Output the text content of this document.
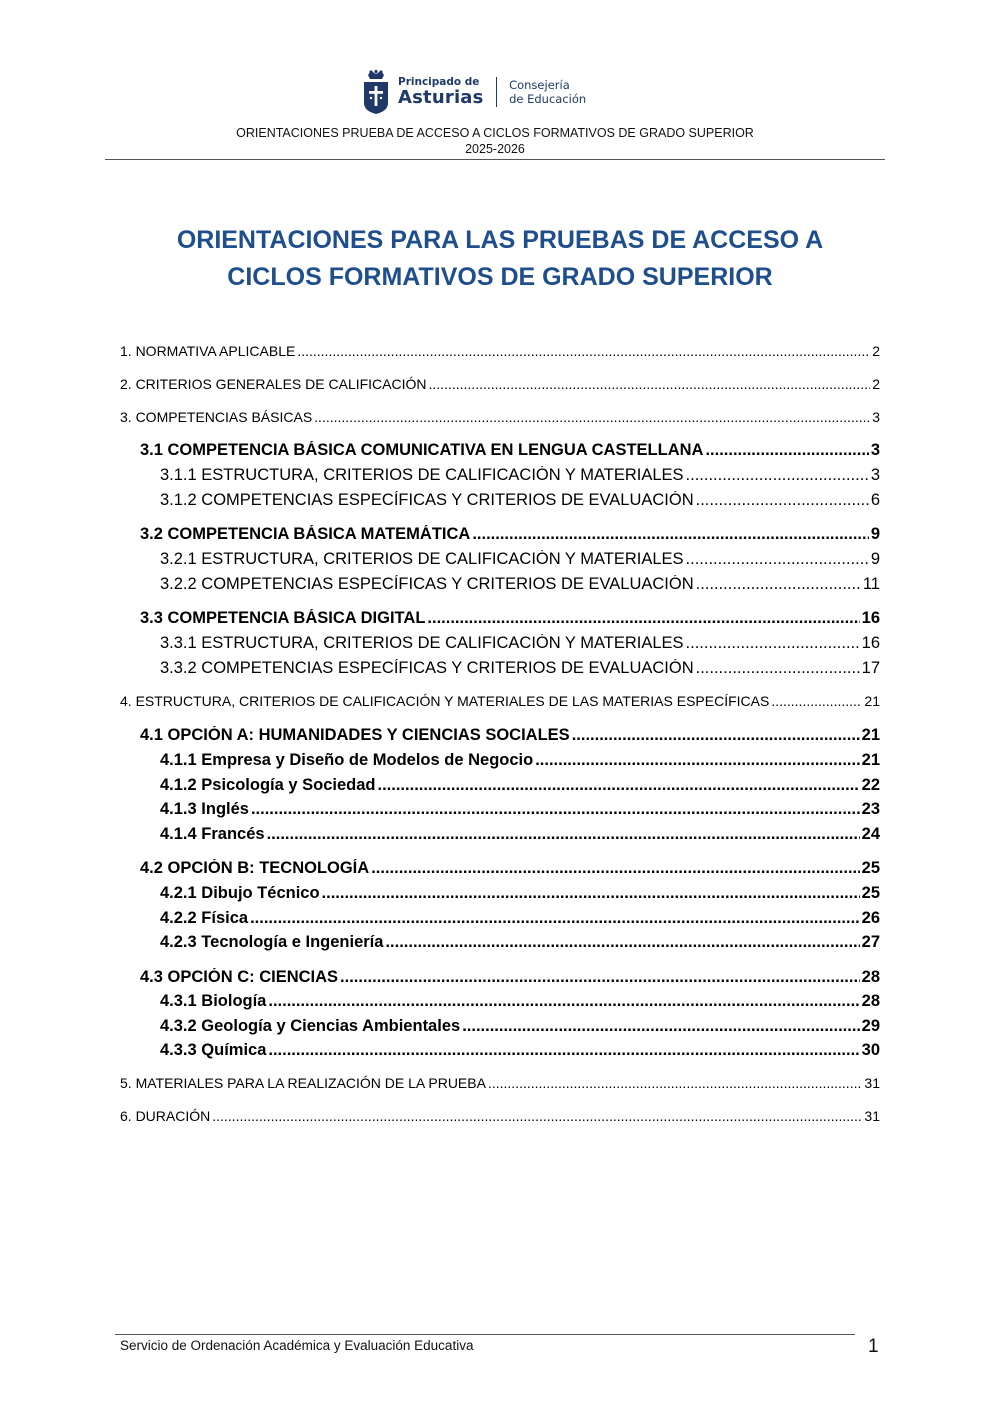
Principado de
Asturias
Consejería
de Educación
ORIENTACIONES PRUEBA DE ACCESO A CICLOS FORMATIVOS DE GRADO SUPERIOR
2025-2026
ORIENTACIONES PARA LAS PRUEBAS DE ACCESO A
CICLOS FORMATIVOS DE GRADO SUPERIOR
1. NORMATIVA APLICABLE .....	2
2. CRITERIOS GENERALES DE CALIFICACIÓN .....	2
3. COMPETENCIAS BÁSICAS .....	3
3.1 COMPETENCIA BÁSICA COMUNICATIVA EN LENGUA CASTELLANA .....	3
3.1.1 ESTRUCTURA, CRITERIOS DE CALIFICACIÓN Y MATERIALES .....	3
3.1.2 COMPETENCIAS ESPECÍFICAS Y CRITERIOS DE EVALUACIÓN .....	6
3.2 COMPETENCIA BÁSICA MATEMÁTICA .....	9
3.2.1 ESTRUCTURA, CRITERIOS DE CALIFICACIÓN Y MATERIALES .....	9
3.2.2 COMPETENCIAS ESPECÍFICAS Y CRITERIOS DE EVALUACIÓN .....	11
3.3 COMPETENCIA BÁSICA DIGITAL .....	16
3.3.1 ESTRUCTURA, CRITERIOS DE CALIFICACIÓN Y MATERIALES .....	16
3.3.2 COMPETENCIAS ESPECÍFICAS Y CRITERIOS DE EVALUACIÓN .....	17
4. ESTRUCTURA, CRITERIOS DE CALIFICACIÓN Y MATERIALES DE LAS MATERIAS ESPECÍFICAS .....	21
4.1 OPCIÓN A: HUMANIDADES Y CIENCIAS SOCIALES .....	21
4.1.1 Empresa y Diseño de Modelos de Negocio .....	21
4.1.2 Psicología y Sociedad .....	22
4.1.3 Inglés .....	23
4.1.4 Francés .....	24
4.2 OPCIÓN B: TECNOLOGÍA .....	25
4.2.1 Dibujo Técnico .....	25
4.2.2 Física .....	26
4.2.3 Tecnología e Ingeniería .....	27
4.3 OPCIÓN C: CIENCIAS .....	28
4.3.1 Biología .....	28
4.3.2 Geología y Ciencias Ambientales .....	29
4.3.3 Química .....	30
5. MATERIALES PARA LA REALIZACIÓN DE LA PRUEBA .....	31
6. DURACIÓN .....	31
Servicio de Ordenación Académica y Evaluación Educativa	1
